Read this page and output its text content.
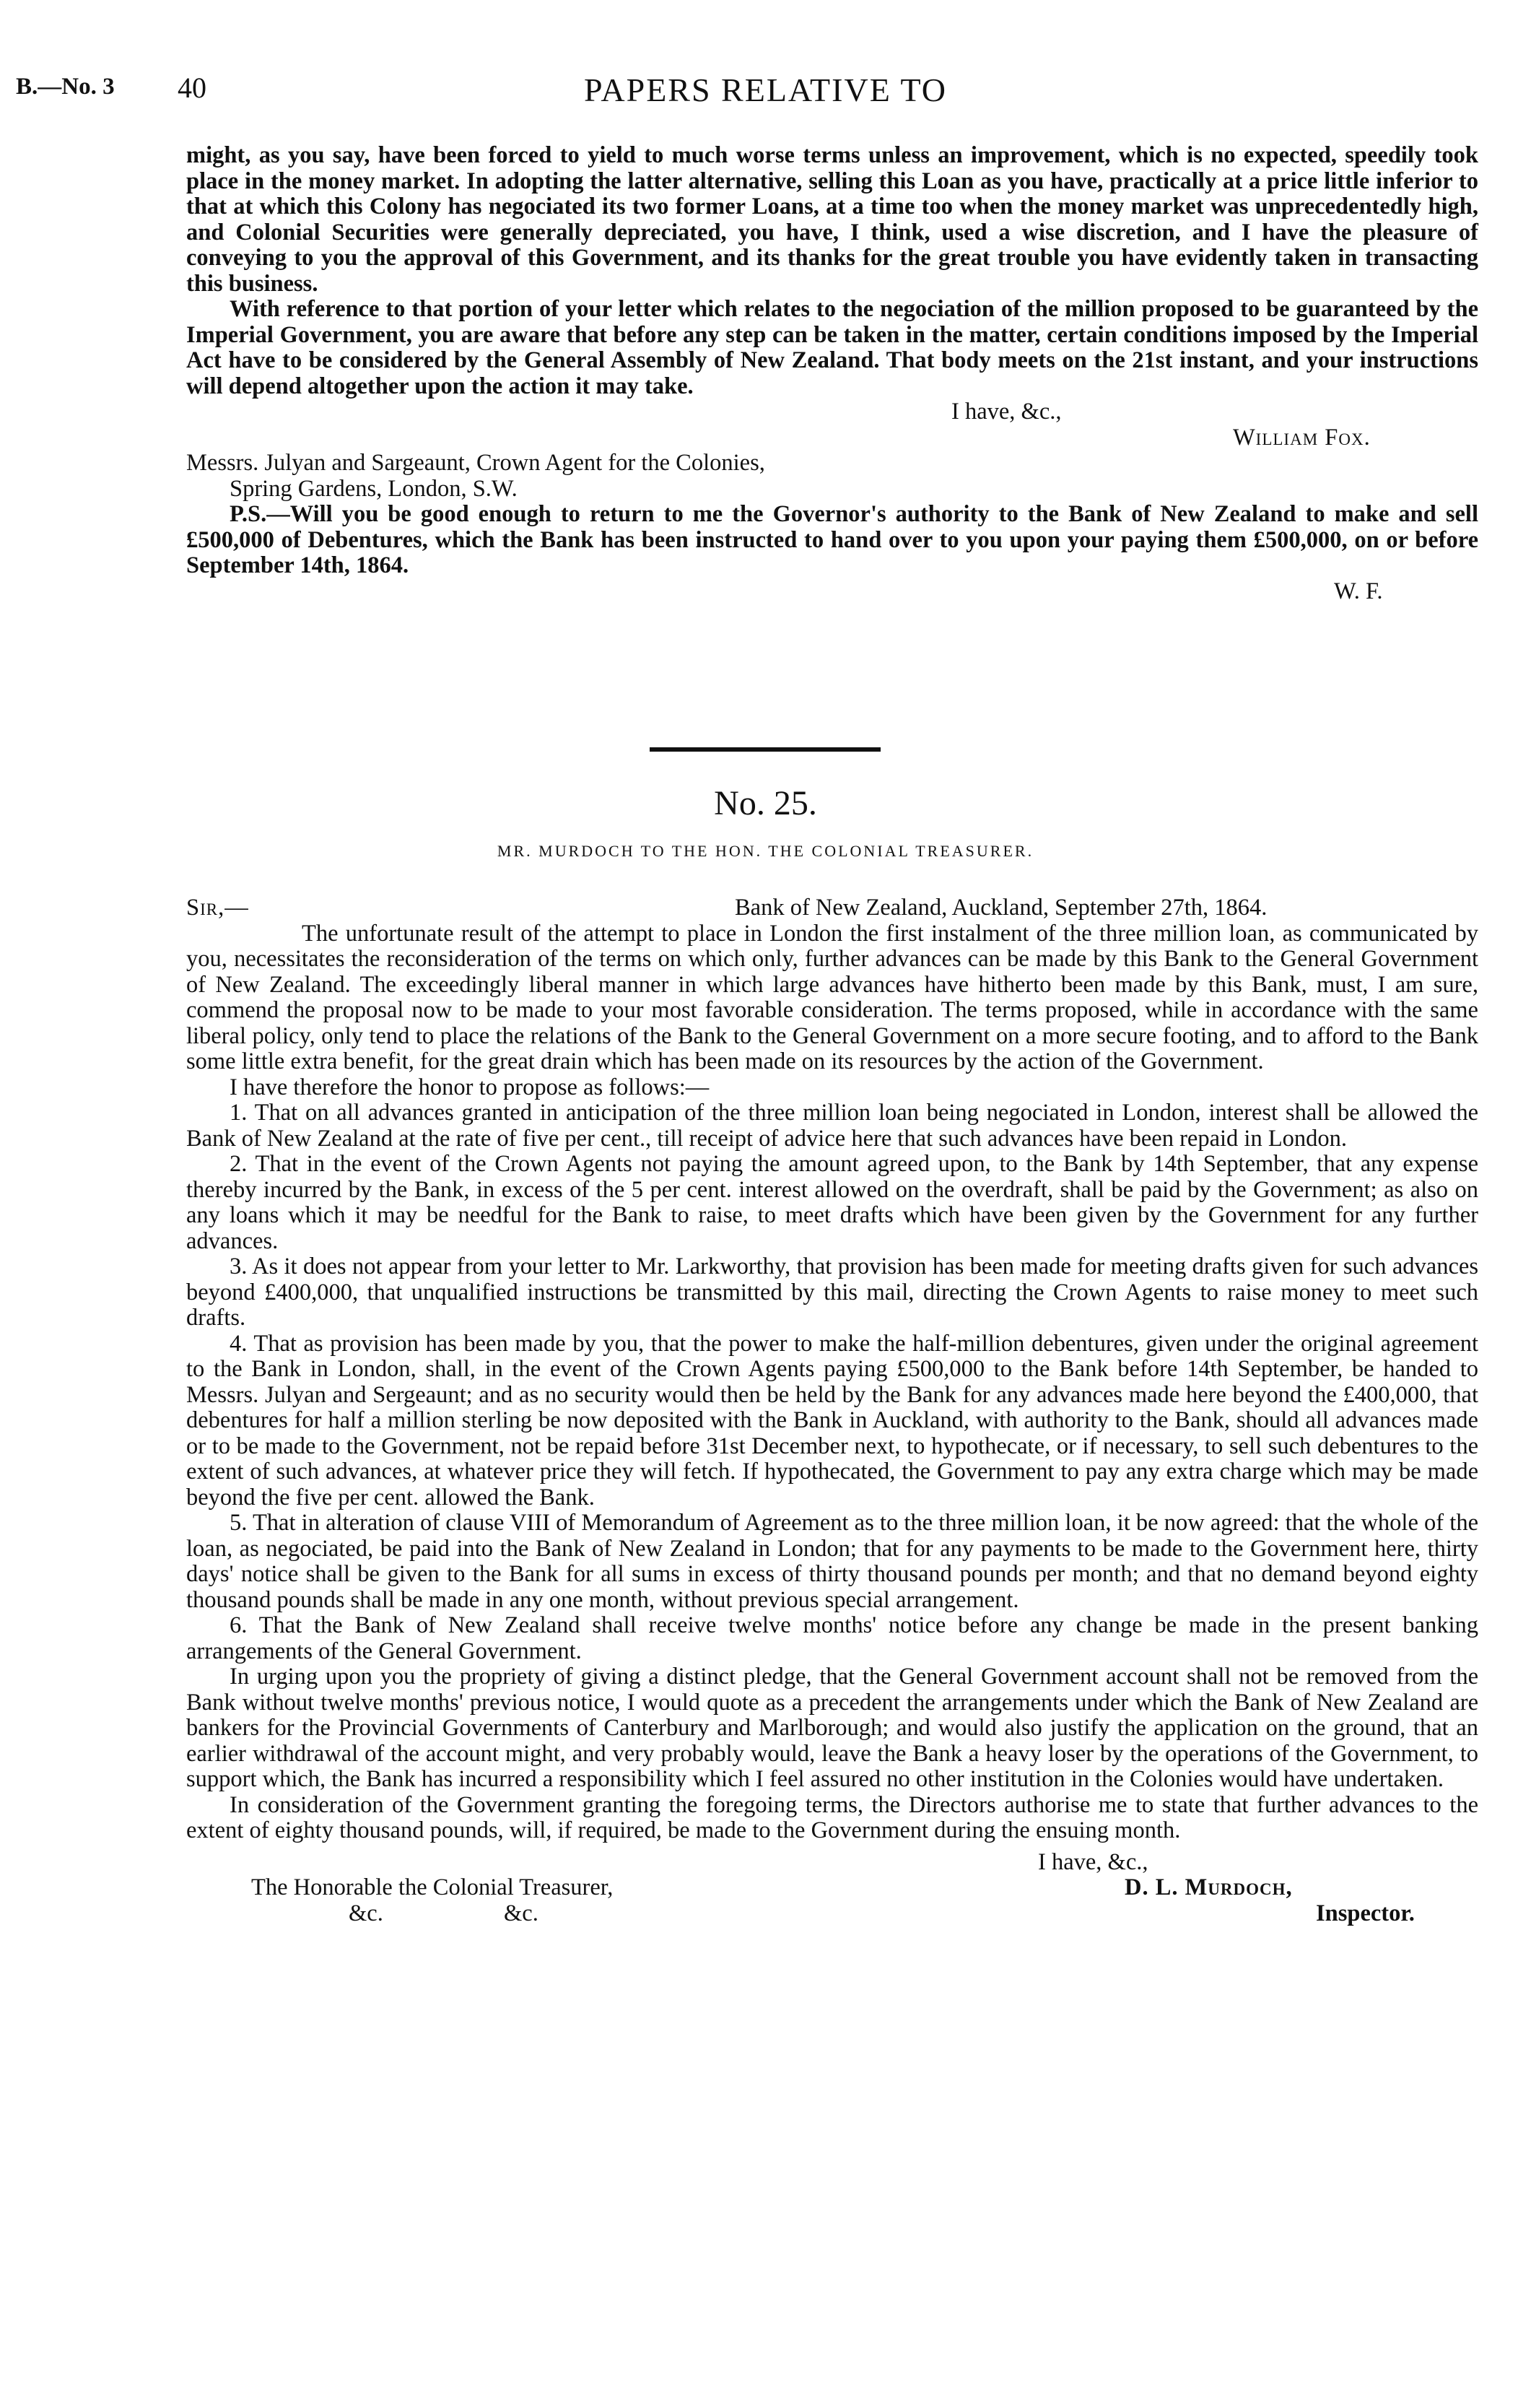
B.—No. 3 40	PAPERS RELATIVE TO

might, as you say, have been forced to yield to much worse terms unless an improvement, which is no expected, speedily took place in the money market. In adopting the latter alternative, selling this Loan as you have, practically at a price little inferior to that at which this Colony has negociated its two former Loans, at a time too when the money market was unprecedentedly high, and Colonial Securities were generally depreciated, you have, I think, used a wise discretion, and I have the pleasure of conveying to you the approval of this Government, and its thanks for the great trouble you have evidently taken in transacting this business.

With reference to that portion of your letter which relates to the negociation of the million proposed to be guaranteed by the Imperial Government, you are aware that before any step can be taken in the matter, certain conditions imposed by the Imperial Act have to be considered by the General Assembly of New Zealand. That body meets on the 21st instant, and your instructions will depend altogether upon the action it may take.

I have, &c.,
William Fox.

Messrs. Julyan and Sargeaunt, Crown Agent for the Colonies,

Spring Gardens, London, S.W.

P.S.—Will you be good enough to return to me the Governor's authority to the Bank of New Zealand to make and sell £500,000 of Debentures, which the Bank has been instructed to hand over to you upon your paying them £500,000, on or before September 14th, 1864.

W. F.
No. 25.
MR. MURDOCH TO THE HON. THE COLONIAL TREASURER.
Sir,—	Bank of New Zealand, Auckland, September 27th, 1864.

The unfortunate result of the attempt to place in London the first instalment of the three million loan, as communicated by you, necessitates the reconsideration of the terms on which only, further advances can be made by this Bank to the General Government of New Zealand. The exceedingly liberal manner in which large advances have hitherto been made by this Bank, must, I am sure, commend the proposal now to be made to your most favorable consideration. The terms proposed, while in accordance with the same liberal policy, only tend to place the relations of the Bank to the General Government on a more secure footing, and to afford to the Bank some little extra benefit, for the great drain which has been made on its resources by the action of the Government.

I have therefore the honor to propose as follows:—

1. That on all advances granted in anticipation of the three million loan being negociated in London, interest shall be allowed the Bank of New Zealand at the rate of five per cent., till receipt of advice here that such advances have been repaid in London.

2. That in the event of the Crown Agents not paying the amount agreed upon, to the Bank by 14th September, that any expense thereby incurred by the Bank, in excess of the 5 per cent. interest allowed on the overdraft, shall be paid by the Government; as also on any loans which it may be needful for the Bank to raise, to meet drafts which have been given by the Government for any further advances.

3. As it does not appear from your letter to Mr. Larkworthy, that provision has been made for meeting drafts given for such advances beyond £400,000, that unqualified instructions be transmitted by this mail, directing the Crown Agents to raise money to meet such drafts.

4. That as provision has been made by you, that the power to make the half-million debentures, given under the original agreement to the Bank in London, shall, in the event of the Crown Agents paying £500,000 to the Bank before 14th September, be handed to Messrs. Julyan and Sergeaunt; and as no security would then be held by the Bank for any advances made here beyond the £400,000, that debentures for half a million sterling be now deposited with the Bank in Auckland, with authority to the Bank, should all advances made or to be made to the Government, not be repaid before 31st December next, to hypothecate, or if necessary, to sell such debentures to the extent of such advances, at whatever price they will fetch. If hypothecated, the Government to pay any extra charge which may be made beyond the five per cent. allowed the Bank.

5. That in alteration of clause VIII of Memorandum of Agreement as to the three million loan, it be now agreed: that the whole of the loan, as negociated, be paid into the Bank of New Zealand in London; that for any payments to be made to the Government here, thirty days' notice shall be given to the Bank for all sums in excess of thirty thousand pounds per month; and that no demand beyond eighty thousand pounds shall be made in any one month, without previous special arrangement.

6. That the Bank of New Zealand shall receive twelve months' notice before any change be made in the present banking arrangements of the General Government.

In urging upon you the propriety of giving a distinct pledge, that the General Government account shall not be removed from the Bank without twelve months' previous notice, I would quote as a precedent the arrangements under which the Bank of New Zealand are bankers for the Provincial Governments of Canterbury and Marlborough; and would also justify the application on the ground, that an earlier withdrawal of the account might, and very probably would, leave the Bank a heavy loser by the operations of the Government, to support which, the Bank has incurred a responsibility which I feel assured no other institution in the Colonies would have undertaken.

In consideration of the Government granting the foregoing terms, the Directors authorise me to state that further advances to the extent of eighty thousand pounds, will, if required, be made to the Government during the ensuing month.

I have, &c.,
The Honorable the Colonial Treasurer,	D. L. Murdoch,
&c.	&c.	Inspector.
